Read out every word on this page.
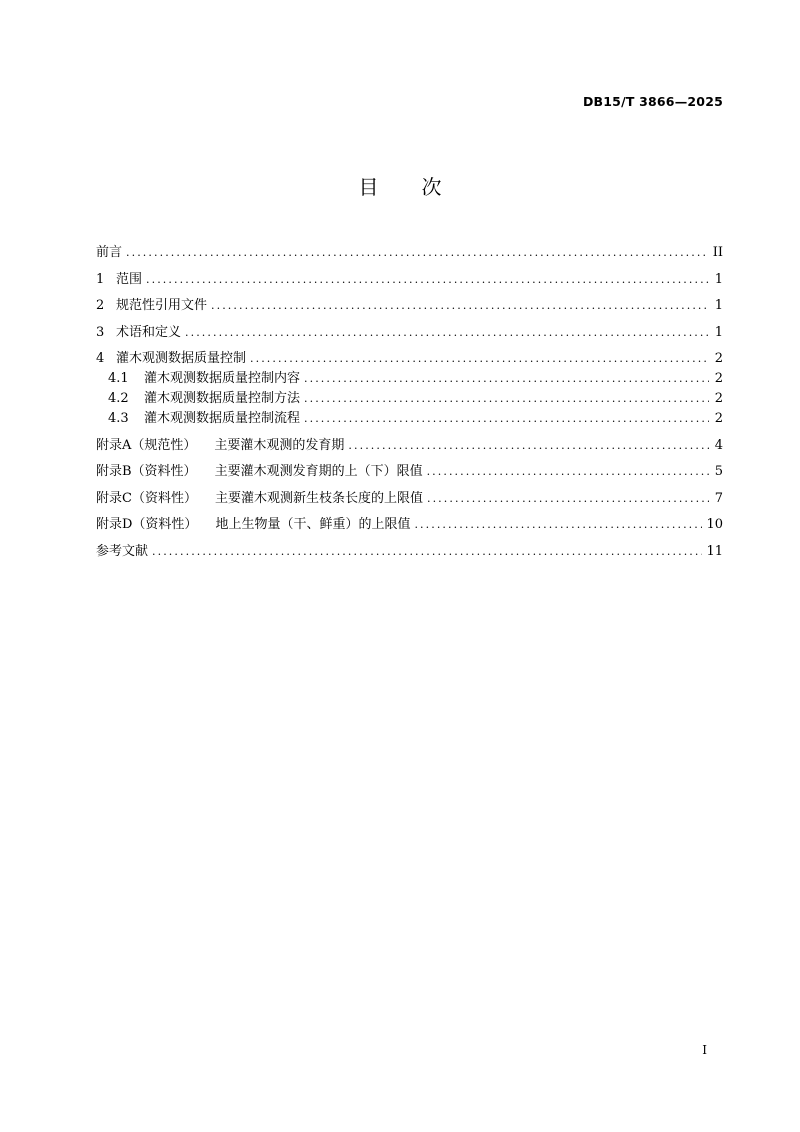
DB15/T 3866—2025
目 次
前言 .....	II
1 范围 .....	1
2 规范性引用文件 .....	1
3 术语和定义 .....	1
4 灌木观测数据质量控制 .....	2
4.1	灌木观测数据质量控制内容 .....	2
4.2	灌木观测数据质量控制方法 .....	2
4.3	灌木观测数据质量控制流程 .....	2
附录A（规范性） 主要灌木观测的发育期 .....	4
附录B（资料性） 主要灌木观测发育期的上（下）限值 .....	5
附录C（资料性） 主要灌木观测新生枝条长度的上限值 .....	7
附录D（资料性） 地上生物量（干、鲜重）的上限值 .....	10
参考文献 .....	11
I
